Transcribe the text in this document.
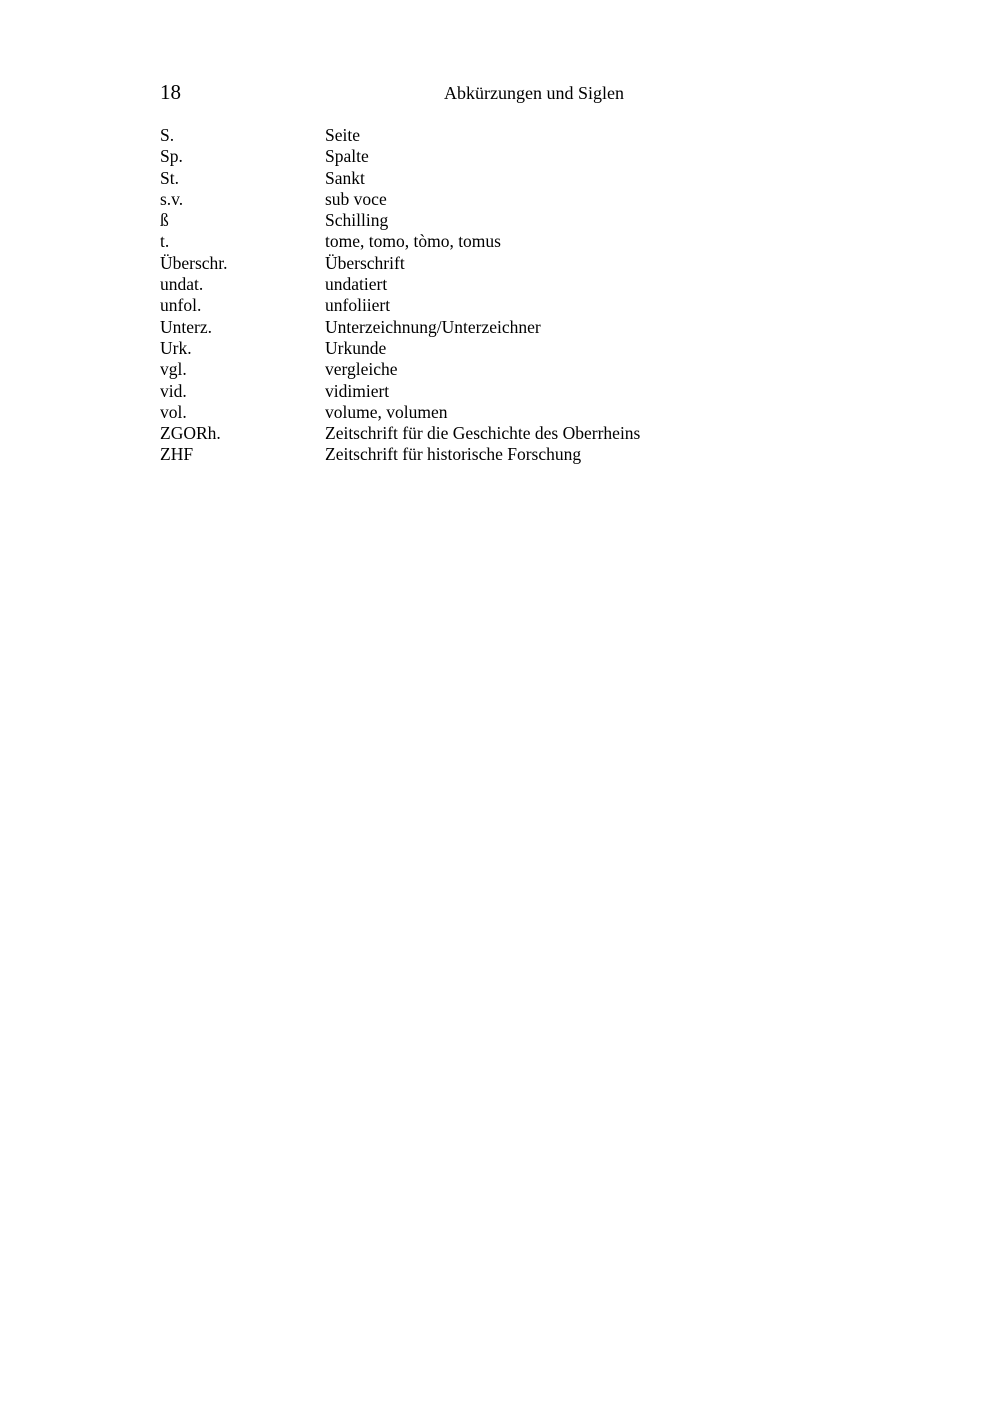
18	Abkürzungen und Siglen
S.	Seite
Sp.	Spalte
St.	Sankt
s.v.	sub voce
ß	Schilling
t.	tome, tomo, tòmo, tomus
Überschr.	Überschrift
undat.	undatiert
unfol.	unfoliiert
Unterz.	Unterzeichnung/Unterzeichner
Urk.	Urkunde
vgl.	vergleiche
vid.	vidimiert
vol.	volume, volumen
ZGORh.	Zeitschrift für die Geschichte des Oberrheins
ZHF	Zeitschrift für historische Forschung
